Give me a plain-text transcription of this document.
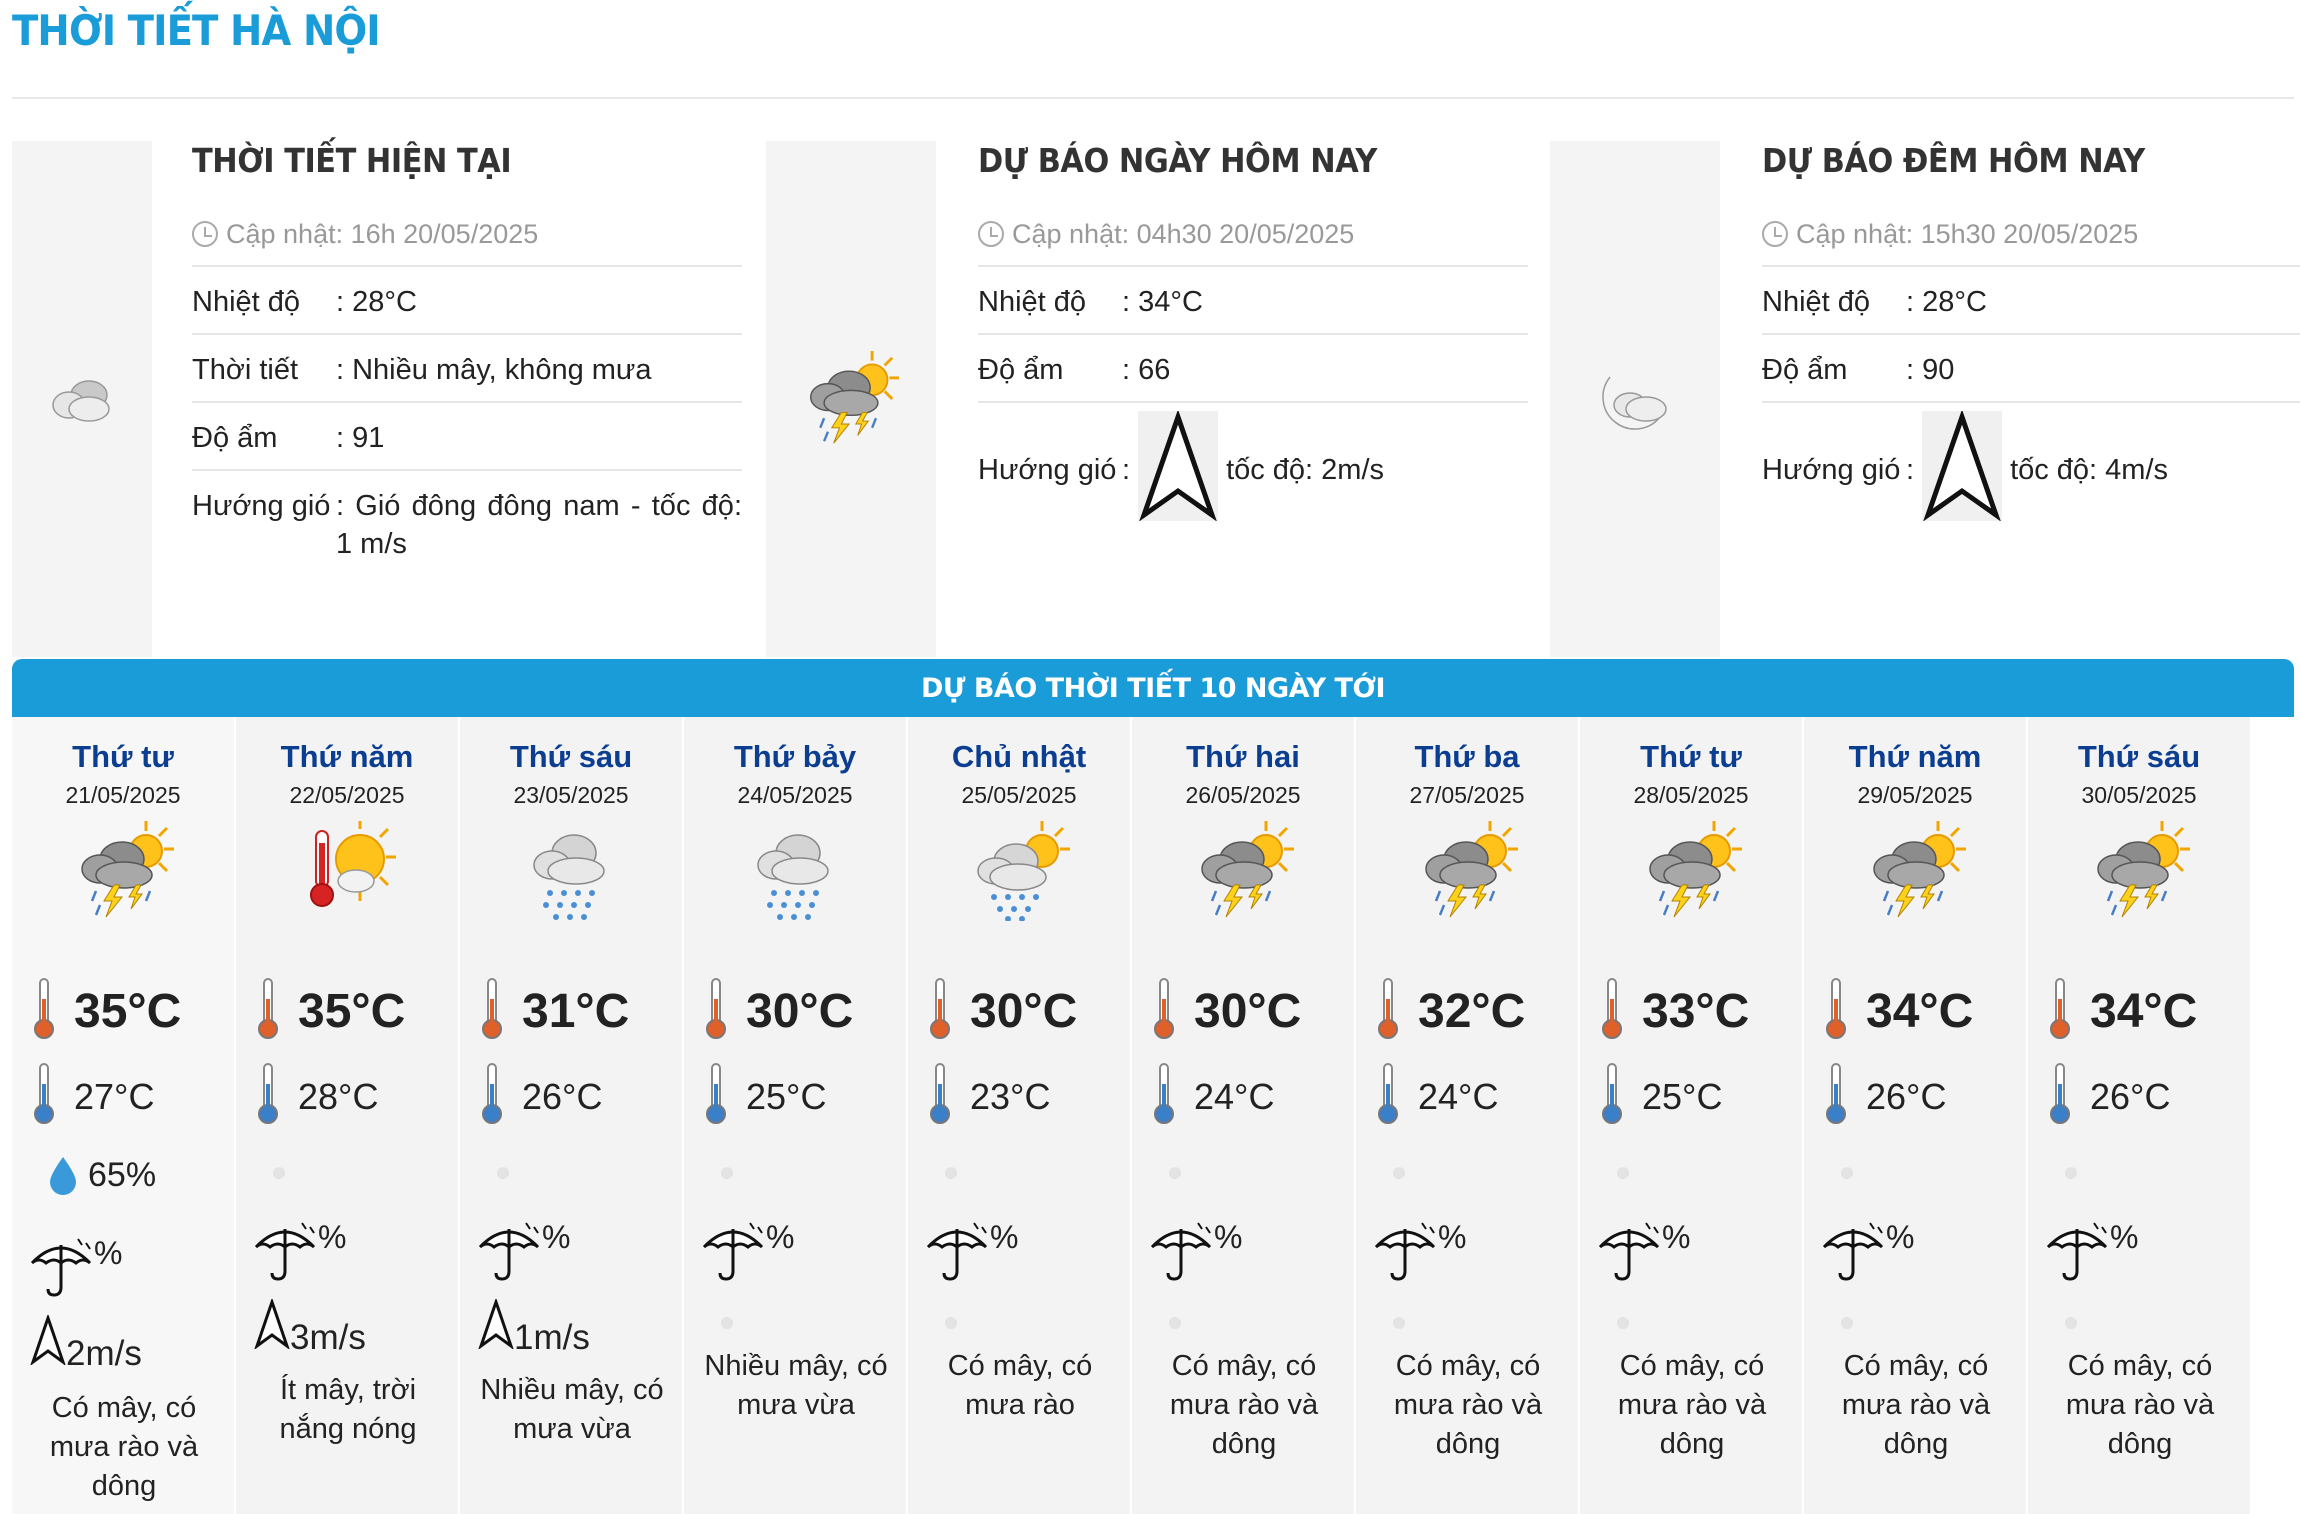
THỜI TIẾT HÀ NỘI
THỜI TIẾT HIỆN TẠI
Cập nhật: 16h 20/05/2025
Nhiệt độ	: 28°C
Thời tiết	: Nhiều mây, không mưa
Độ ẩm	: 91
Hướng gió : Gió đông đông nam - tốc độ: 1 m/s
DỰ BÁO NGÀY HÔM NAY
Cập nhật: 04h30 20/05/2025
Nhiệt độ	: 34°C
Độ ẩm	: 66
Hướng gió :	tốc độ: 2m/s
DỰ BÁO ĐÊM HÔM NAY
Cập nhật: 15h30 20/05/2025
Nhiệt độ	: 28°C
Độ ẩm	: 90
Hướng gió :	tốc độ: 4m/s
DỰ BÁO THỜI TIẾT 10 NGÀY TỚI
Thứ tư
21/05/2025
35°C
27°C
65%
%
2m/s
Có mây, có mưa rào và dông
Thứ năm
22/05/2025
35°C
28°C
%
3m/s
Ít mây, trời nắng nóng
Thứ sáu
23/05/2025
31°C
26°C
%
1m/s
Nhiều mây, có mưa vừa
Thứ bảy
24/05/2025
30°C
25°C
%
Nhiều mây, có mưa vừa
Chủ nhật
25/05/2025
30°C
23°C
%
Có mây, có mưa rào
Thứ hai
26/05/2025
30°C
24°C
%
Có mây, có mưa rào và dông
Thứ ba
27/05/2025
32°C
24°C
%
Có mây, có mưa rào và dông
Thứ tư
28/05/2025
33°C
25°C
%
Có mây, có mưa rào và dông
Thứ năm
29/05/2025
34°C
26°C
%
Có mây, có mưa rào và dông
Thứ sáu
30/05/2025
34°C
26°C
%
Có mây, có mưa rào và dông
